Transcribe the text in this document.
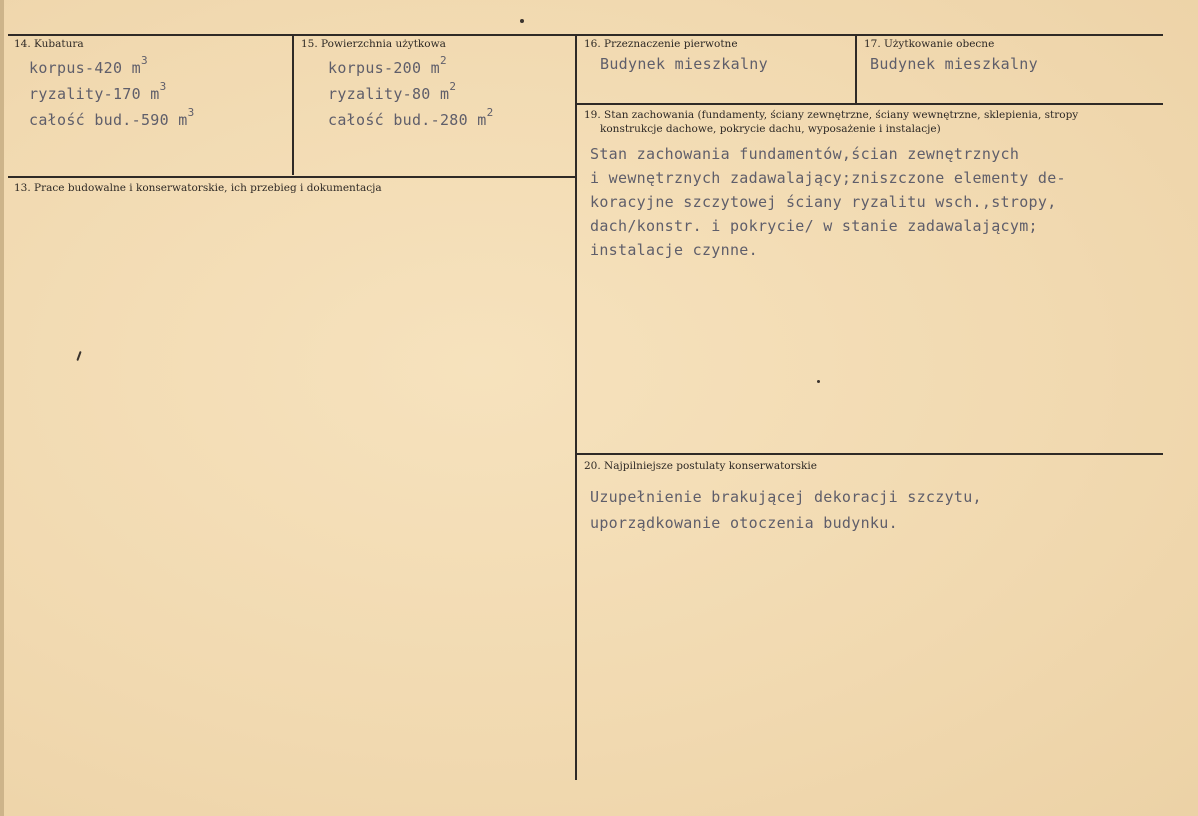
14. Kubatura
korpus-420 $m^3$
ryzality-170 $m^3$
całość bud.-590 $m^3$
15. Powierzchnia użytkowa
korpus-200 $m^2$
ryzality-80 $m^2$
całość bud.-280 $m^2$
16. Przeznaczenie pierwotne
Budynek mieszkalny
17. Użytkowanie obecne
Budynek mieszkalny
13. Prace budowalne i konserwatorskie, ich przebieg i dokumentacja
19. Stan zachowania (fundamenty, ściany zewnętrzne, ściany wewnętrzne, sklepienia, stropy
konstrukcje dachowe, pokrycie dachu, wyposażenie i instalacje)
Stan zachowania fundamentów,ścian zewnętrznych
i wewnętrznych zadawalający;zniszczone elementy de-
koracyjne szczytowej ściany ryzalitu wsch.,stropy,
dach/konstr. i pokrycie/ w stanie zadawalającym;
instalacje czynne.
20. Najpilniejsze postulaty konserwatorskie
Uzupełnienie brakującej dekoracji szczytu,
uporządkowanie otoczenia budynku.
